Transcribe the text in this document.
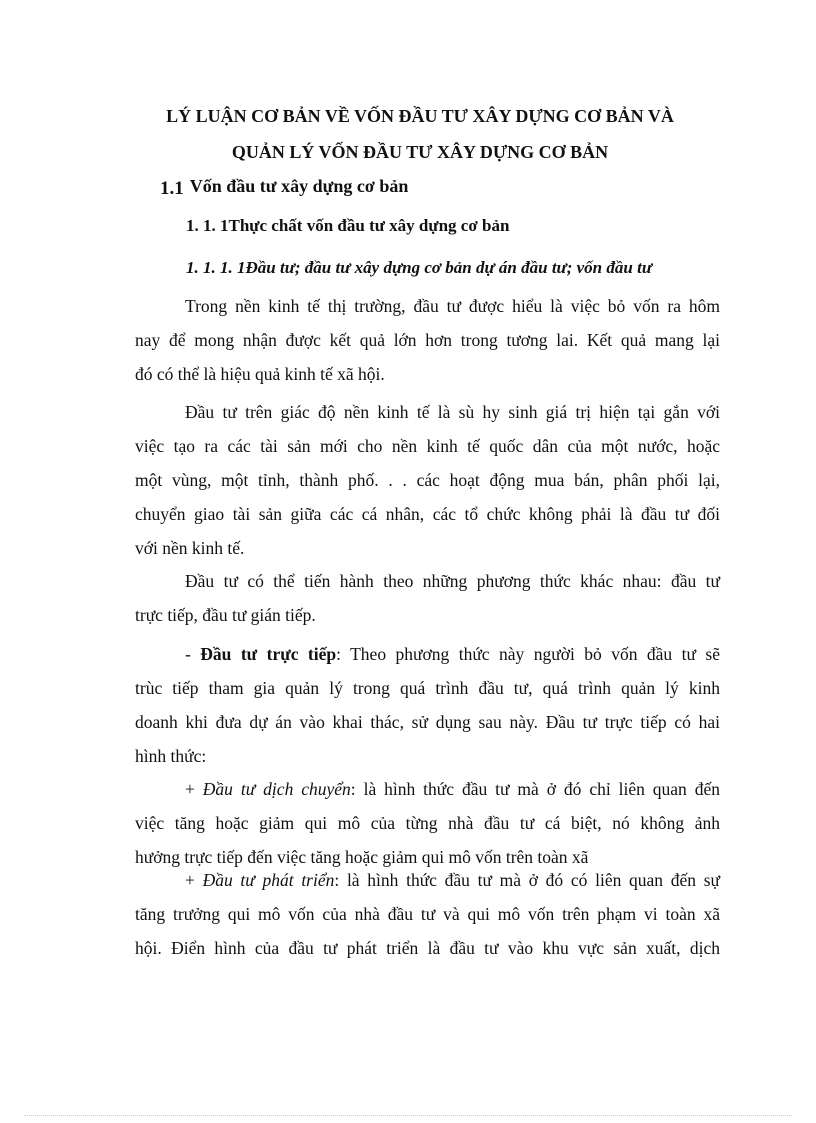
LÝ LUẬN CƠ BẢN VỀ VỐN ĐẦU TƯ XÂY DỰNG CƠ BẢN VÀ
QUẢN LÝ VỐN ĐẦU TƯ XÂY DỰNG CƠ BẢN
1.1 Vốn đầu tư xây dựng cơ bản
1. 1. 1Thực chất vốn đầu tư xây dựng cơ bản
1. 1. 1. 1Đầu tư; đầu tư xây dựng cơ bản dự án đầu tư; vốn đầu tư

Trong nền kinh tế thị trường, đầu tư được hiểu là việc bỏ vốn ra hôm
nay để mong nhận được kết quả lớn hơn trong tương lai. Kết quả mang lại
đó có thể là hiệu quả kinh tế xã hội.

Đầu tư trên giác độ nền kinh tế là sù hy sinh giá trị hiện tại gắn với
việc tạo ra các tài sản mới cho nền kinh tế quốc dân của một nước, hoặc
một vùng, một tỉnh, thành phố. . . các hoạt động mua bán, phân phối lại,
chuyển giao tài sản giữa các cá nhân, các tổ chức không phải là đầu tư đối
với nền kinh tế.

Đầu tư có thể tiến hành theo những phương thức khác nhau: đầu tư
trực tiếp, đầu tư gián tiếp.

- Đầu tư trực tiếp: Theo phương thức này người bỏ vốn đầu tư sẽ
trùc tiếp tham gia quản lý trong quá trình đầu tư, quá trình quản lý kinh
doanh khi đưa dự án vào khai thác, sử dụng sau này. Đầu tư trực tiếp có hai
hình thức:

+ Đầu tư dịch chuyển: là hình thức đầu tư mà ở đó chỉ liên quan đến
việc tăng hoặc giảm qui mô của từng nhà đầu tư cá biệt, nó không ảnh
hưởng trực tiếp đến việc tăng hoặc giảm qui mô vốn trên toàn xã

+ Đầu tư phát triển: là hình thức đầu tư mà ở đó có liên quan đến sự
tăng trưởng qui mô vốn của nhà đầu tư và qui mô vốn trên phạm vi toàn xã
hội. Điển hình của đầu tư phát triển là đầu tư vào khu vực sản xuất, dịch
